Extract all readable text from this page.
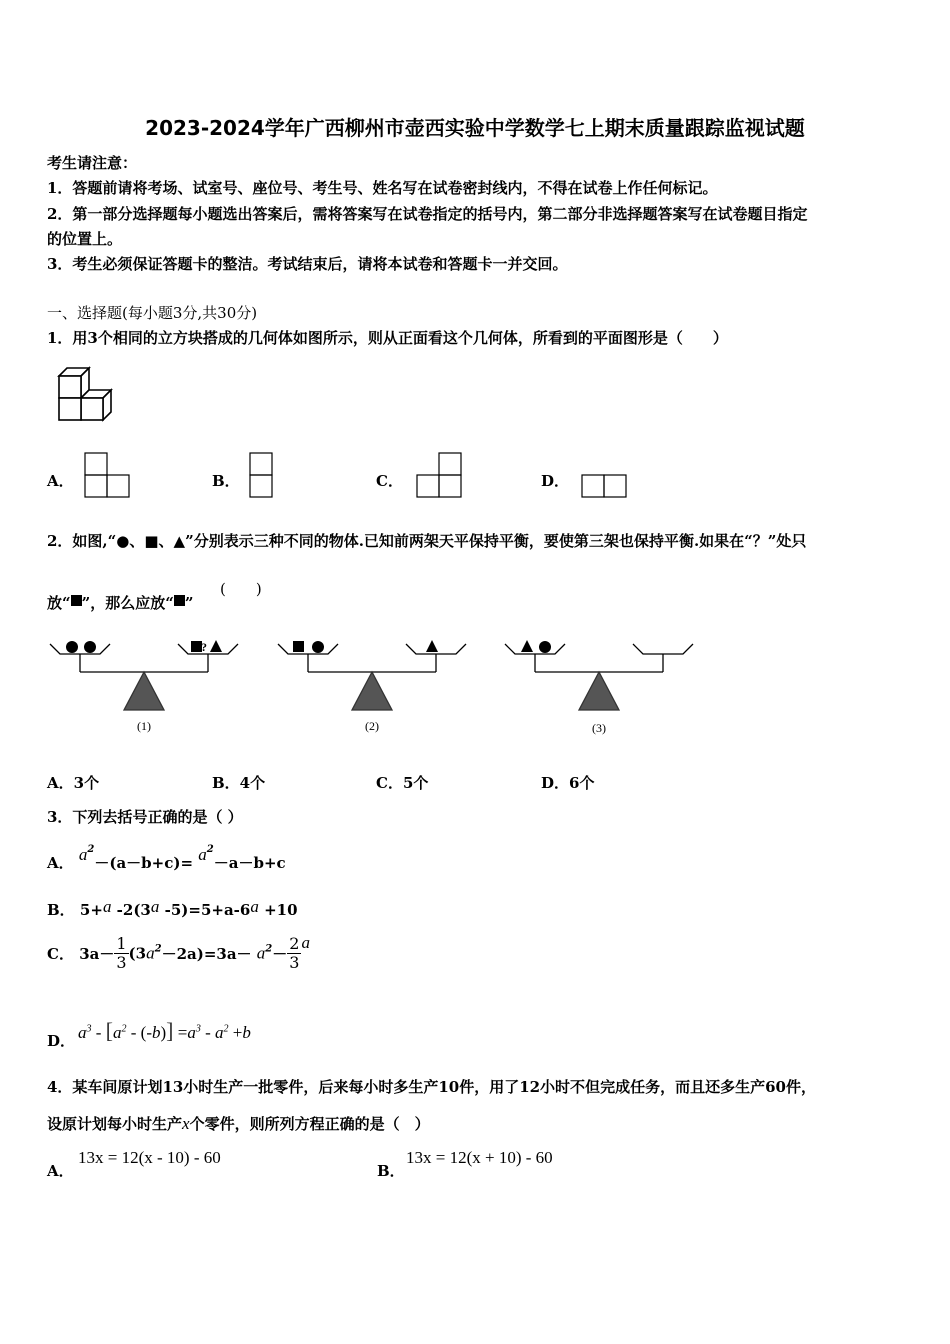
2023-2024学年广西柳州市壶西实验中学数学七上期末质量跟踪监视试题
考生请注意：
1．答题前请将考场、试室号、座位号、考生号、姓名写在试卷密封线内，不得在试卷上作任何标记。
2．第一部分选择题每小题选出答案后，需将答案写在试卷指定的括号内，第二部分非选择题答案写在试卷题目指定
的位置上。
3．考生必须保证答题卡的整洁。考试结束后，请将本试卷和答题卡一并交回。
一、选择题(每小题3分,共30分)
1．用3个相同的立方块搭成的几何体如图所示，则从正面看这个几何体，所看到的平面图形是（　　）
A．	B．	C．	D．
2．如图,“●、■、▲”分别表示三种不同的物体.已知前两架天平保持平衡，要使第三架也保持平衡.如果在“？”处只
放“ ”，那么应放“ ”
(　　)
?
(1)	(2)	(3)
A．3个	B．4个	C．5个	D．6个
3．下列去括号正确的是（ ）
A． $a^2-(a-b+c)= a^2-a-b+c$
B． 5+a -2(3a -5)=5+a-6a +10
C． $3a- \frac{1}{3} (3a^2-2a)=3a- a^2- \frac{2}{3}$ a
D． $a^3 - [a^2 - (-b)] =a^3 - a^2 +b$
4．某车间原计划13小时生产一批零件，后来每小时多生产10件，用了12小时不但完成任务，而且还多生产60件，
设原计划每小时生产x个零件，则所列方程正确的是（　）
A．
13x = 12(x - 10) - 60
B．
13x = 12(x + 10) - 60
